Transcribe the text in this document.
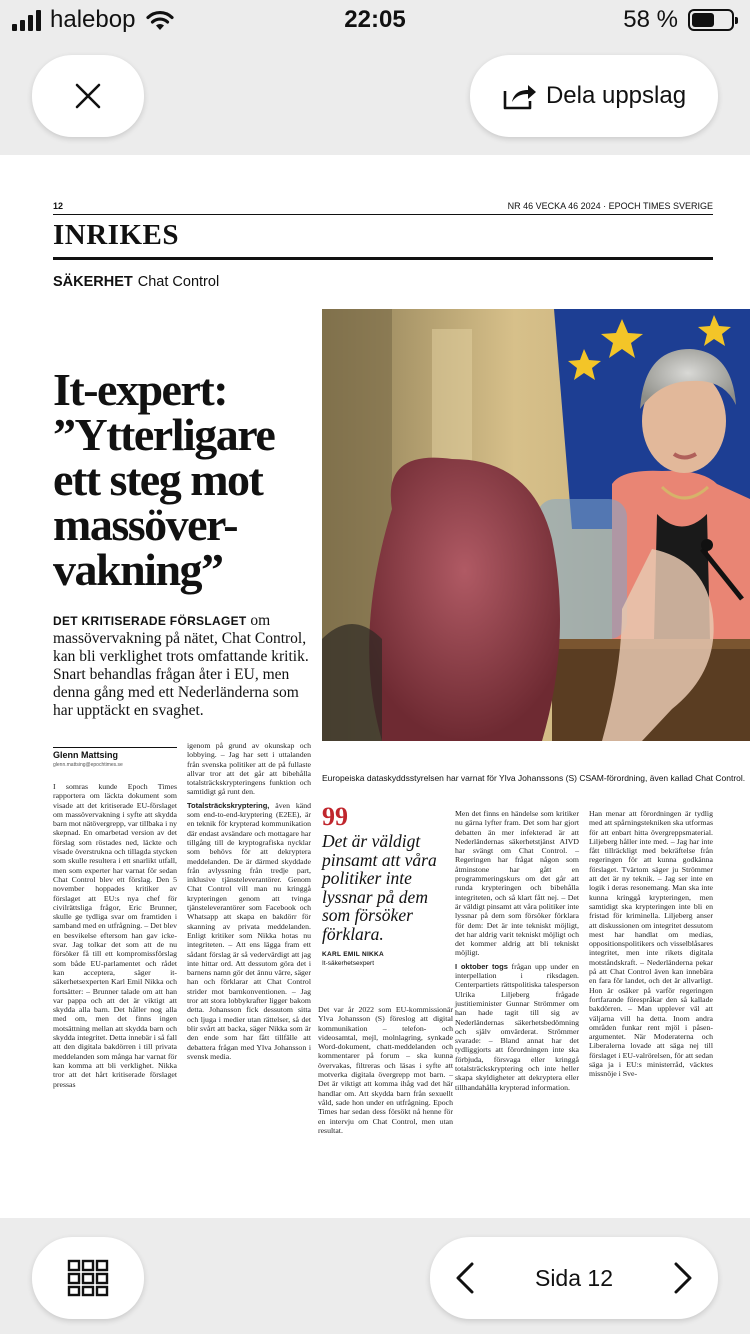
halebop	22:05	58 %
Dela uppslag
12	NR 46 VECKA 46 2024 · EPOCH TIMES SVERIGE
INRIKES
SÄKERHET Chat Control
It-expert: ”Ytterligare ett steg mot massöver-vakning”
DET KRITISERADE FÖRSLAGET om massövervakning på nätet, Chat Control, kan bli verklighet trots omfattande kritik. Snart behandlas frågan åter i EU, men denna gång med ett Nederländerna som har upptäckt en svaghet.
Europeiska dataskyddsstyrelsen har varnat för Ylva Johanssons (S) CSAM-förordning, även kallad Chat Control.
Glenn Mattsing
glenn.mattsing@epochtimes.se

I somras kunde Epoch Times rapportera om läckta dokument som visade att det kritiserade EU-förslaget om massövervakning i syfte att skydda barn mot nätövergrepp, var tillbaka i ny skepnad. En omarbetad version av det förslag som röstades ned, läckte och visade överstrukna och tillagda stycken som skulle resultera i ett snarlikt utfall, men som experter har varnat för sedan Chat Control blev ett förslag. Den 5 november hoppades kritiker av förslaget att EU:s nya chef för civilrättsliga frågor, Eric Brunner, skulle ge tydliga svar om framtiden i samband med en utfrågning. – Det blev en besvikelse eftersom han gav icke-svar. Jag tolkar det som att de nu försöker få till ett kompromissförslag som både EU-parlamentet och rådet kan acceptera, säger it-säkerhetsexperten Karl Emil Nikka och fortsätter: – Brunner talade om att han var pappa och att det är viktigt att skydda alla barn. Det håller nog alla med om, men det finns ingen motsättning mellan att skydda barn och skydda integritet. Detta innebär i så fall att den digitala bakdörren i till privata meddelanden som många har varnat för kan komma att bli verklighet. Nikka tror att det hårt kritiserade förslaget pressas

igenom på grund av okunskap och lobbying. – Jag har sett i uttalanden från svenska politiker att de på fullaste allvar tror att det går att bibehålla totalsträckskrypteringens funktion och samtidigt gå runt den.

Totalsträckskryptering, även känd som end-to-end-kryptering (E2EE), är en teknik för krypterad kommunikation där endast avsändare och mottagare har tillgång till de kryptografiska nycklar som behövs för att dekryptera meddelanden. De är därmed skyddade från avlyssning från tredje part, inklusive tjänsteleverantörer. Genom Chat Control vill man nu kringgå krypteringen genom att tvinga tjänsteleverantörer som Facebook och Whatsapp att skapa en bakdörr för skanning av privata meddelanden. Enligt kritiker som Nikka hotas nu integriteten. – Att ens lägga fram ett sådant förslag är så vedervärdigt att jag inte hittar ord. Att dessutom göra det i barnens namn gör det ännu värre, säger han och förklarar att Chat Control strider mot barnkonventionen. – Jag tror att stora lobbykrafter ligger bakom detta. Johansson fick dessutom sitta och ljuga i medier utan rättelser, så det blir svårt att backa, säger Nikka som är den ende som har fått tillfälle att debattera frågan med Ylva Johansson i svensk media.

99
Det är väldigt pinsamt att våra politiker inte lyssnar på dem som försöker förklara.
KARL EMIL NIKKA
It-säkerhetsexpert

Det var år 2022 som EU-kommissionär Ylva Johansson (S) föreslog att digital kommunikation – telefon- och videosamtal, mejl, molnlagring, synkade Word-dokument, chatt-meddelanden och kommentarer på forum – ska kunna övervakas, filtreras och läsas i syfte att motverka digitala övergrepp mot barn. – Det är viktigt att komma ihåg vad det här handlar om. Att skydda barn från sexuellt våld, sade hon under en utfrågning. Epoch Times har sedan dess försökt nå henne för en intervju om Chat Control, men utan resultat.

Men det finns en händelse som kritiker nu gärna lyfter fram. Det som har gjort debatten än mer infekterad är att Nederländernas säkerhetstjänst AIVD har svängt om Chat Control. – Regeringen har frågat någon som åtminstone har gått en programmeringskurs om det går att runda krypteringen och bibehålla integriteten, och så klart fått nej. – Det är väldigt pinsamt att våra politiker inte lyssnar på dem som försöker förklara för dem: Det är inte tekniskt möjligt, det har aldrig varit tekniskt möjligt och det kommer aldrig att bli tekniskt möjligt.

I oktober togs frågan upp under en interpellation i riksdagen. Centerpartiets rättspolitiska talesperson Ulrika Liljeberg frågade justitieminister Gunnar Strömmer om han hade tagit till sig av Nederländernas säkerhetsbedömning och själv omvärderat. Strömmer svarade: – Bland annat har det tydliggjorts att förordningen inte ska förbjuda, försvaga eller kringgå totalsträckskryptering och inte heller skapa skyldigheter att dekryptera eller tillhandahålla krypterad information.

Han menar att förordningen är tydlig med att spårningstekniken ska utformas för att enbart hitta övergreppsmaterial. Liljeberg håller inte med. – Jag har inte fått tillräckligt med bekräftelse från regeringen för att kunna godkänna förslaget. Tvärtom säger ju Strömmer att det är ny teknik. – Jag ser inte en logik i deras resonemang. Man ska inte kunna kringgå krypteringen, men samtidigt ska krypteringen inte bli en fristad för kriminella. Liljeberg anser att diskussionen om integritet dessutom mest har handlat om medias, oppositionspolitikers och visselblåsares integritet, men inte rikets digitala motståndskraft. – Nederländerna pekar på att Chat Control även kan innebära en fara för landet, och det är allvarligt. Hon är osäker på varför regeringen fortfarande förespråkar den så kallade bakdörren. – Man upplever väl att väljarna vill ha detta. Inom andra områden funkar rent mjöl i påsen-argumentet. När Moderaterna och Liberalerna lovade att säga nej till förslaget i EU-valrörelsen, för att sedan säga ja i EU:s ministerråd, väcktes missnöje i Sve-

Sida 12
